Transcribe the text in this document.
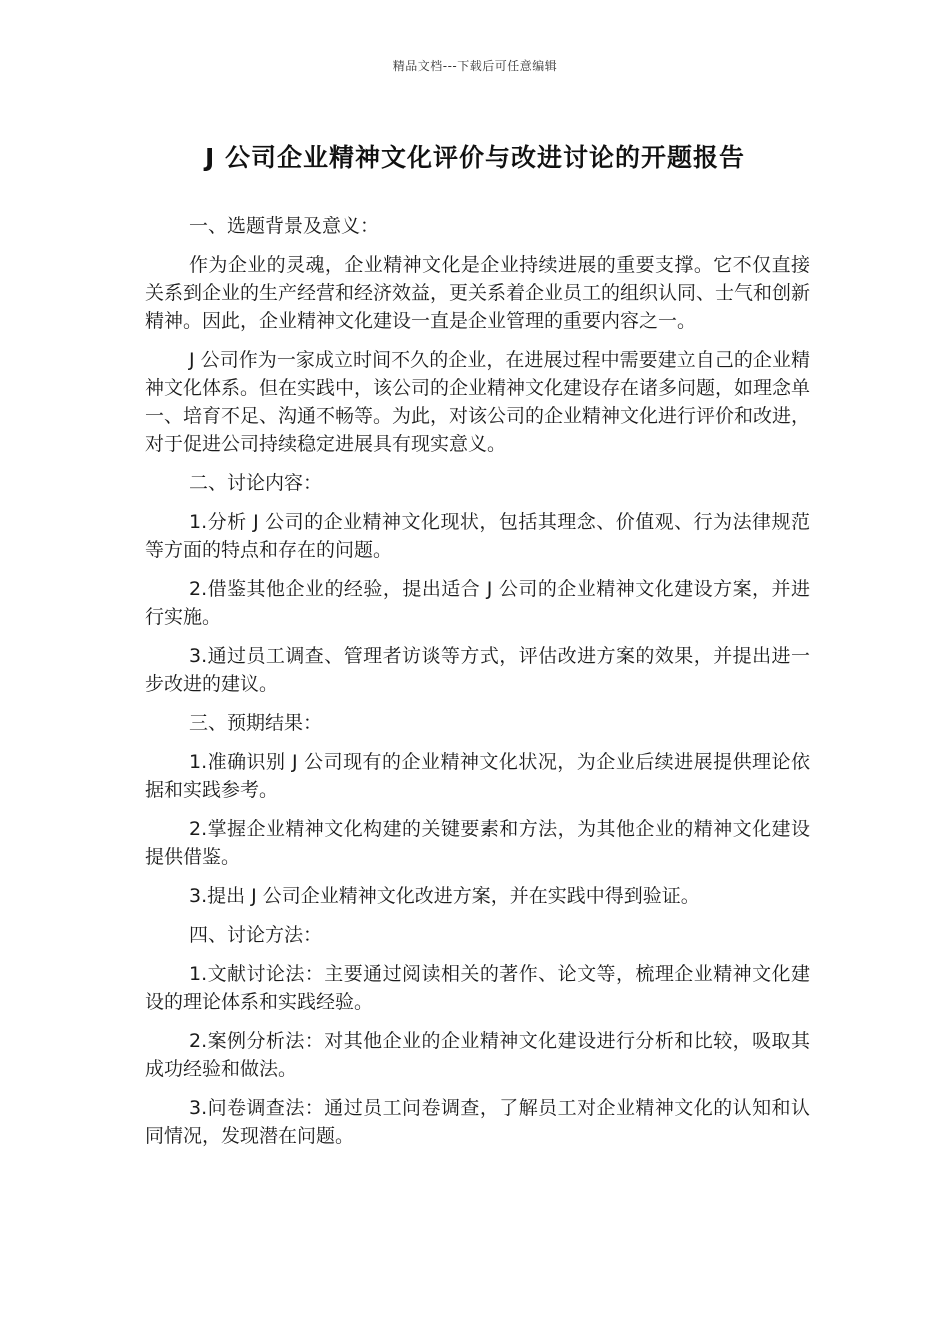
精品文档---下载后可任意编辑
J 公司企业精神文化评价与改进讨论的开题报告

一、选题背景及意义：

作为企业的灵魂，企业精神文化是企业持续进展的重要支撑。它不仅直接关系到企业的生产经营和经济效益，更关系着企业员工的组织认同、士气和创新精神。因此，企业精神文化建设一直是企业管理的重要内容之一。

J 公司作为一家成立时间不久的企业，在进展过程中需要建立自己的企业精神文化体系。但在实践中，该公司的企业精神文化建设存在诸多问题，如理念单一、培育不足、沟通不畅等。为此，对该公司的企业精神文化进行评价和改进，对于促进公司持续稳定进展具有现实意义。

二、讨论内容：

1.分析 J 公司的企业精神文化现状，包括其理念、价值观、行为法律规范等方面的特点和存在的问题。

2.借鉴其他企业的经验，提出适合 J 公司的企业精神文化建设方案，并进行实施。

3.通过员工调查、管理者访谈等方式，评估改进方案的效果，并提出进一步改进的建议。

三、预期结果：

1.准确识别 J 公司现有的企业精神文化状况，为企业后续进展提供理论依据和实践参考。

2.掌握企业精神文化构建的关键要素和方法，为其他企业的精神文化建设提供借鉴。

3.提出 J 公司企业精神文化改进方案，并在实践中得到验证。

四、讨论方法：

1.文献讨论法：主要通过阅读相关的著作、论文等，梳理企业精神文化建设的理论体系和实践经验。

2.案例分析法：对其他企业的企业精神文化建设进行分析和比较，吸取其成功经验和做法。

3.问卷调查法：通过员工问卷调查，了解员工对企业精神文化的认知和认同情况，发现潜在问题。
